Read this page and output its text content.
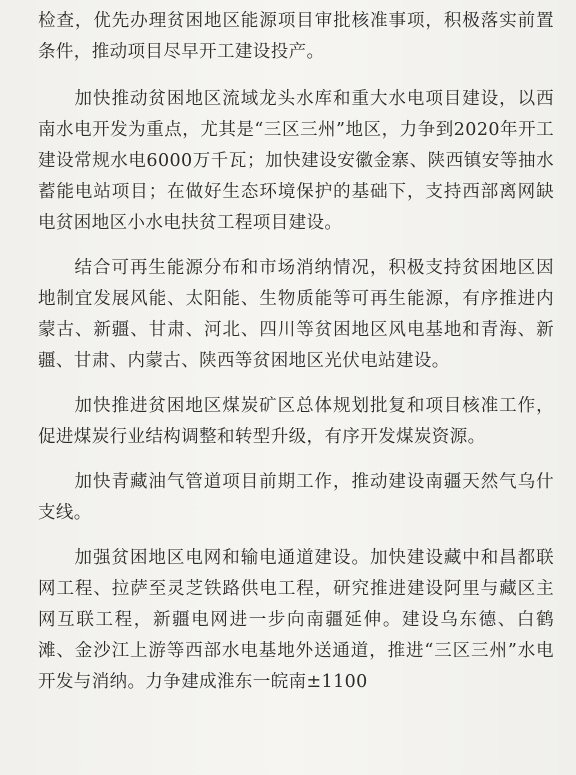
检查，优先办理贫困地区能源项目审批核准事项，积极落实前置条件，推动项目尽早开工建设投产。

加快推动贫困地区流域龙头水库和重大水电项目建设，以西南水电开发为重点，尤其是“三区三州”地区，力争到2020年开工建设常规水电6000万千瓦；加快建设安徽金寨、陕西镇安等抽水蓄能电站项目；在做好生态环境保护的基础下，支持西部离网缺电贫困地区小水电扶贫工程项目建设。

结合可再生能源分布和市场消纳情况，积极支持贫困地区因地制宜发展风能、太阳能、生物质能等可再生能源，有序推进内蒙古、新疆、甘肃、河北、四川等贫困地区风电基地和青海、新疆、甘肃、内蒙古、陕西等贫困地区光伏电站建设。

加快推进贫困地区煤炭矿区总体规划批复和项目核准工作，促进煤炭行业结构调整和转型升级，有序开发煤炭资源。

加快青藏油气管道项目前期工作，推动建设南疆天然气乌什支线。

加强贫困地区电网和输电通道建设。加快建设藏中和昌都联网工程、拉萨至灵芝铁路供电工程，研究推进建设阿里与藏区主网互联工程，新疆电网进一步向南疆延伸。建设乌东德、白鹤滩、金沙江上游等西部水电基地外送通道，推进“三区三州”水电开发与消纳。力争建成淮东一皖南±1100
